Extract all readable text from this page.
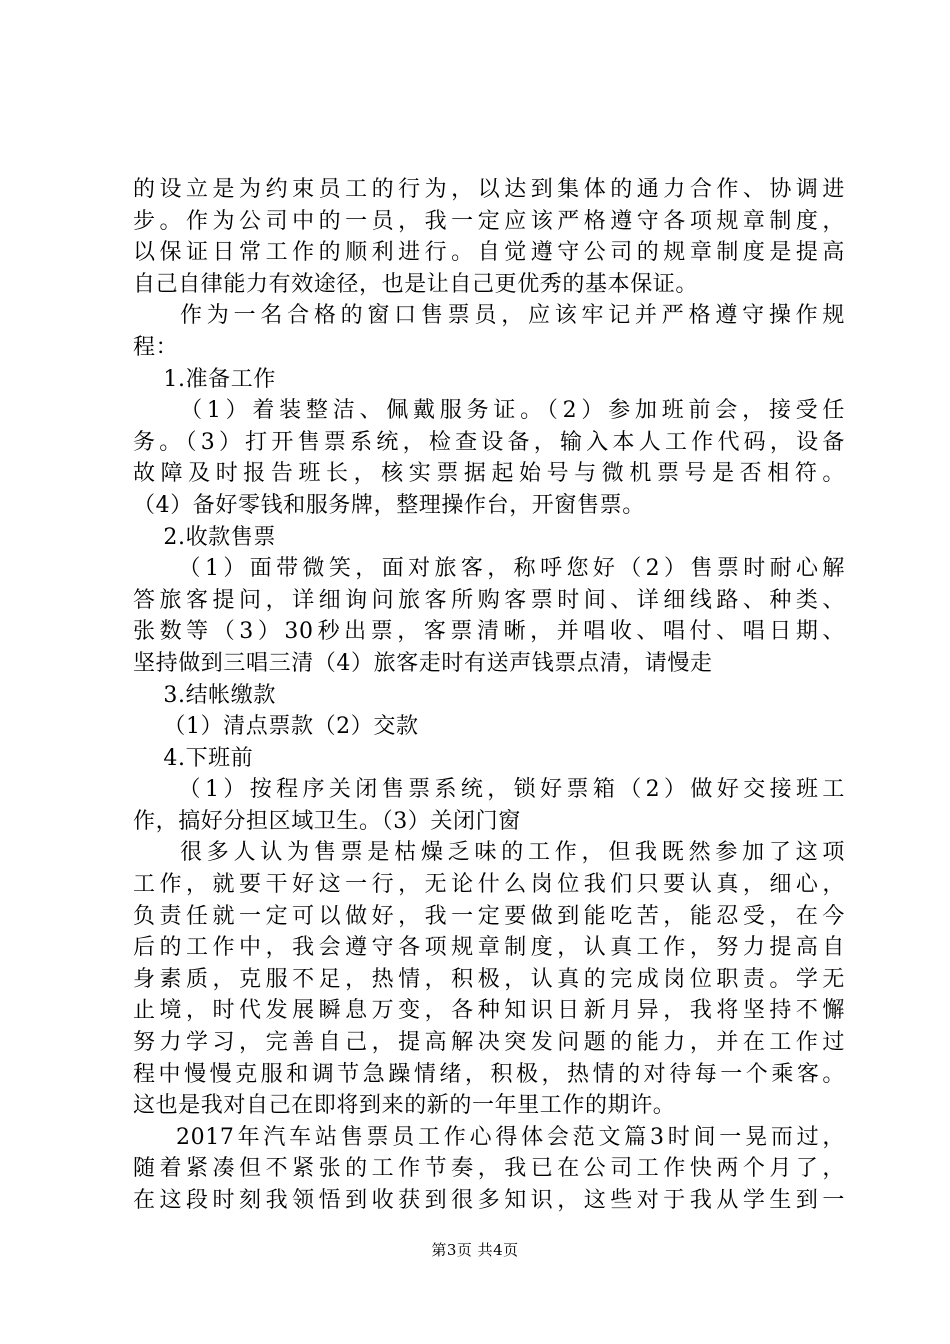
的设立是为约束员工的行为，以达到集体的通力合作、协调进
步。作为公司中的一员，我一定应该严格遵守各项规章制度，
以保证日常工作的顺利进行。自觉遵守公司的规章制度是提高
自己自律能力有效途径，也是让自己更优秀的基本保证。
作为一名合格的窗口售票员，应该牢记并严格遵守操作规
程：
1.准备工作
（1）着装整洁、佩戴服务证。（2）参加班前会，接受任
务。（3）打开售票系统，检查设备，输入本人工作代码，设备
故障及时报告班长，核实票据起始号与微机票号是否相符。
（4）备好零钱和服务牌，整理操作台，开窗售票。
2.收款售票
（1）面带微笑，面对旅客，称呼您好（2）售票时耐心解
答旅客提问，详细询问旅客所购客票时间、详细线路、种类、
张数等（3）30秒出票，客票清晰，并唱收、唱付、唱日期、
坚持做到三唱三清（4）旅客走时有送声钱票点清，请慢走
3.结帐缴款
（1）清点票款（2）交款
4.下班前
（1）按程序关闭售票系统，锁好票箱（2）做好交接班工
作，搞好分担区域卫生。（3）关闭门窗
很多人认为售票是枯燥乏味的工作，但我既然参加了这项
工作，就要干好这一行，无论什么岗位我们只要认真，细心，
负责任就一定可以做好，我一定要做到能吃苦，能忍受，在今
后的工作中，我会遵守各项规章制度，认真工作，努力提高自
身素质，克服不足，热情，积极，认真的完成岗位职责。学无
止境，时代发展瞬息万变，各种知识日新月异，我将坚持不懈
努力学习，完善自己，提高解决突发问题的能力，并在工作过
程中慢慢克服和调节急躁情绪，积极，热情的对待每一个乘客。
这也是我对自己在即将到来的新的一年里工作的期许。
2017年汽车站售票员工作心得体会范文篇3时间一晃而过，
随着紧凑但不紧张的工作节奏，我已在公司工作快两个月了，
在这段时刻我领悟到收获到很多知识，这些对于我从学生到一
第3页 共4页
